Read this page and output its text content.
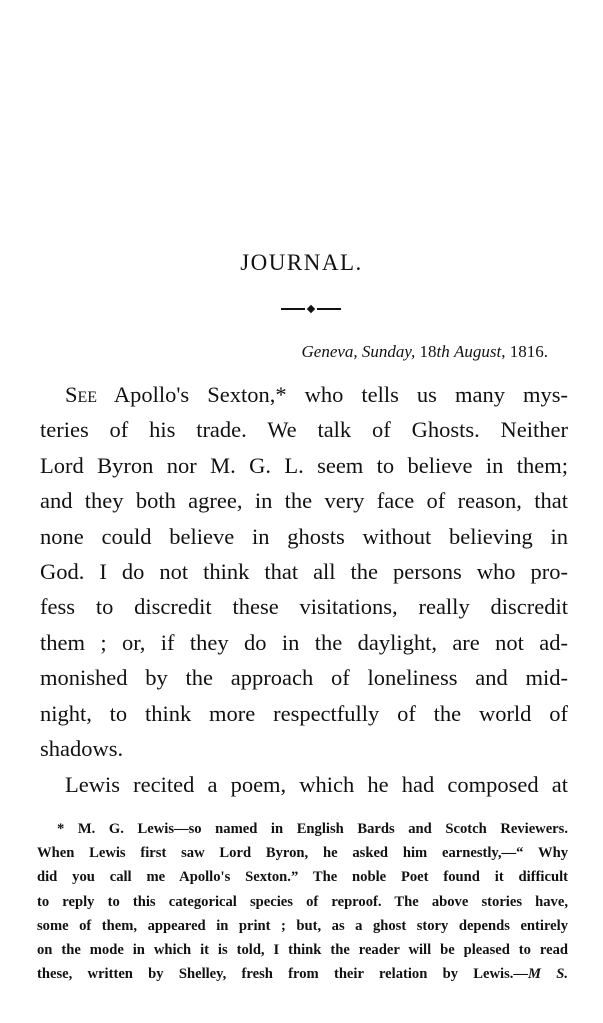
JOURNAL.
Geneva, Sunday, 18th August, 1816.
See Apollo's Sexton,* who tells us many mys-
teries of his trade. We talk of Ghosts. Neither
Lord Byron nor M. G. L. seem to believe in them;
and they both agree, in the very face of reason, that
none could believe in ghosts without believing in
God. I do not think that all the persons who pro-
fess to discredit these visitations, really discredit
them ; or, if they do in the daylight, are not ad-
monished by the approach of loneliness and mid-
night, to think more respectfully of the world of
shadows.
Lewis recited a poem, which he had composed at
* M. G. Lewis—so named in English Bards and Scotch Reviewers.
When Lewis first saw Lord Byron, he asked him earnestly,—“ Why
did you call me Apollo's Sexton.” The noble Poet found it difficult
to reply to this categorical species of reproof. The above stories have,
some of them, appeared in print ; but, as a ghost story depends entirely
on the mode in which it is told, I think the reader will be pleased to read
these, written by Shelley, fresh from their relation by Lewis.—M S.
